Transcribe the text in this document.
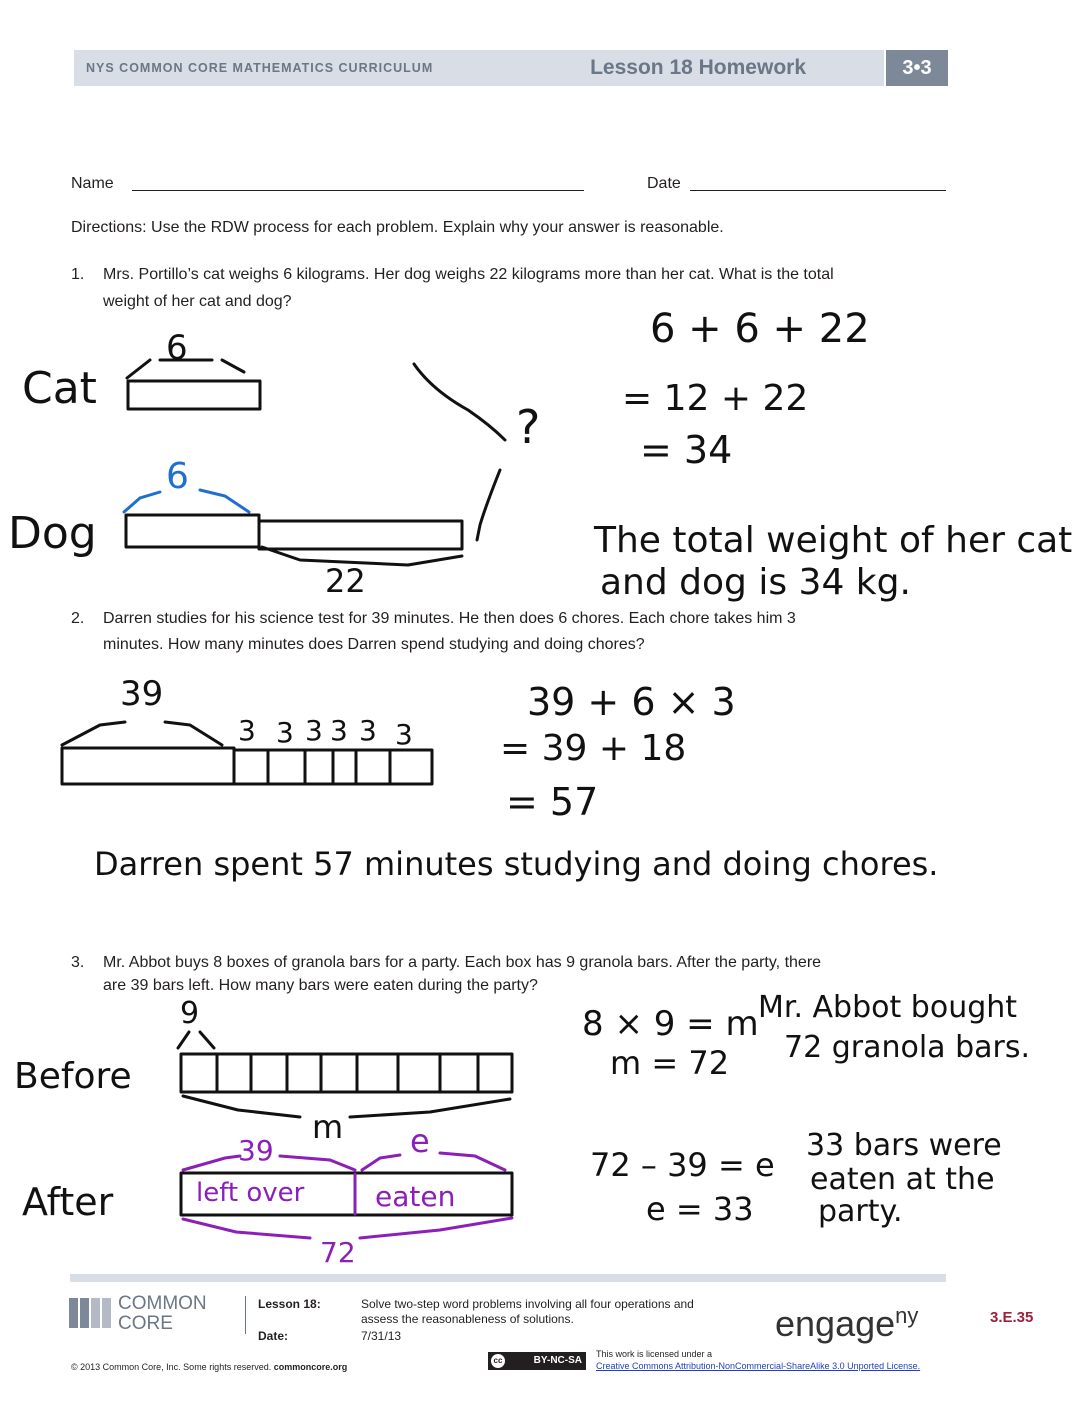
NYS COMMON CORE MATHEMATICS CURRICULUM	Lesson 18 Homework	3•3
Name	Date
Directions: Use the RDW process for each problem. Explain why your answer is reasonable.
1. Mrs. Portillo’s cat weighs 6 kilograms. Her dog weighs 22 kilograms more than her cat. What is the total
weight of her cat and dog?
2. Darren studies for his science test for 39 minutes. He then does 6 chores. Each chore takes him 3
minutes. How many minutes does Darren spend studying and doing chores?
3. Mr. Abbot buys 8 boxes of granola bars for a party. Each box has 9 granola bars. After the party, there
are 39 bars left. How many bars were eaten during the party?
Cat
Dog
6
6
22
?
6 + 6 + 22
= 12 + 22
= 34
The total weight of her cat
and dog is 34 kg.
39
3 3 3 3 3 3
39 + 6 × 3
= 39 + 18
= 57
Darren spent 57 minutes studying and doing chores.
Before
After
9
m
39	e
left over	eaten
72
8 × 9 = m
m = 72
Mr. Abbot bought
72 granola bars.
72 – 39 = e
e = 33
33 bars were
eaten at the
party.
COMMON
CORE
Lesson 18:
Date:
Solve two-step word problems involving all four operations and
assess the reasonableness of solutions.
7/31/13	engage$^{ny}$	3.E.35
© 2013 Common Core, Inc. Some rights reserved. commoncore.org
cc	BY-NC-SA
This work is licensed under a
Creative Commons Attribution-NonCommercial-ShareAlike 3.0 Unported License.
